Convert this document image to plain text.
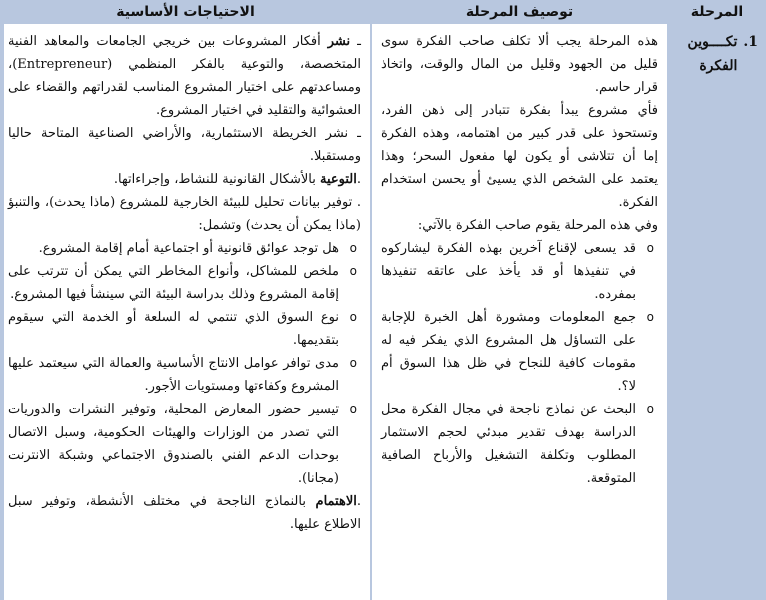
المرحلة
1.
تكــــوين الفكرة
توصيف المرحلة

هذه المرحلة يجب ألا تكلف صاحب الفكرة سوى قليل من الجهود وقليل من المال والوقت، واتخاذ قرار حاسم.

فأي مشروع يبدأ بفكرة تتبادر إلى ذهن الفرد، وتستحوذ على قدر كبير من اهتمامه، وهذه الفكرة إما أن تتلاشى أو يكون لها مفعول السحر؛ وهذا يعتمد على الشخص الذي يسيئ أو يحسن استخدام الفكرة.

وفي هذه المرحلة يقوم صاحب الفكرة بالآتي:

o قد يسعى لإقناع آخرين بهذه الفكرة ليشاركوه في تنفيذها أو قد يأخذ على عاتقه تنفيذها بمفرده.
o جمع المعلومات ومشورة أهل الخبرة للإجابة على التساؤل هل المشروع الذي يفكر فيه له مقومات كافية للنجاح في ظل هذا السوق أم لا؟.
o البحث عن نماذج ناجحة في مجال الفكرة محل الدراسة بهدف تقدير مبدئي لحجم الاستثمار المطلوب وتكلفة التشغيل والأرباح الصافية المتوقعة.
الاحتياجات الأساسية

ـ نشر أفكار المشروعات بين خريجي الجامعات والمعاهد الفنية المتخصصة، والتوعية بالفكر المنظمي (Entrepreneur)، ومساعدتهم على اختيار المشروع المناسب لقدراتهم والقضاء على العشوائية والتقليد في اختيار المشروع.

ـ نشر الخريطة الاستثمارية، والأراضي الصناعية المتاحة حاليا ومستقبلا.

.التوعية بالأشكال القانونية للنشاط، وإجراءاتها.

. توفير بيانات تحليل للبيئة الخارجية للمشروع (ماذا يحدث)، والتنبؤ (ماذا يمكن أن يحدث) وتشمل:

o هل توجد عوائق قانونية أو اجتماعية أمام إقامة المشروع.
o ملخص للمشاكل، وأنواع المخاطر التي يمكن أن تترتب على إقامة المشروع وذلك بدراسة البيئة التي سينشأ فيها المشروع.
o نوع السوق الذي تنتمي له السلعة أو الخدمة التي سيقوم بتقديمها.
o مدى توافر عوامل الانتاج الأساسية والعمالة التي سيعتمد عليها المشروع وكفاءتها ومستويات الأجور.
o تيسير حضور المعارض المحلية، وتوفير النشرات والدوريات التي تصدر من الوزارات والهيئات الحكومية، وسبل الاتصال بوحدات الدعم الفني بالصندوق الاجتماعي وشبكة الانترنت (مجانا).

.الاهتمام بالنماذج الناجحة في مختلف الأنشطة، وتوفير سبل الاطلاع عليها.
